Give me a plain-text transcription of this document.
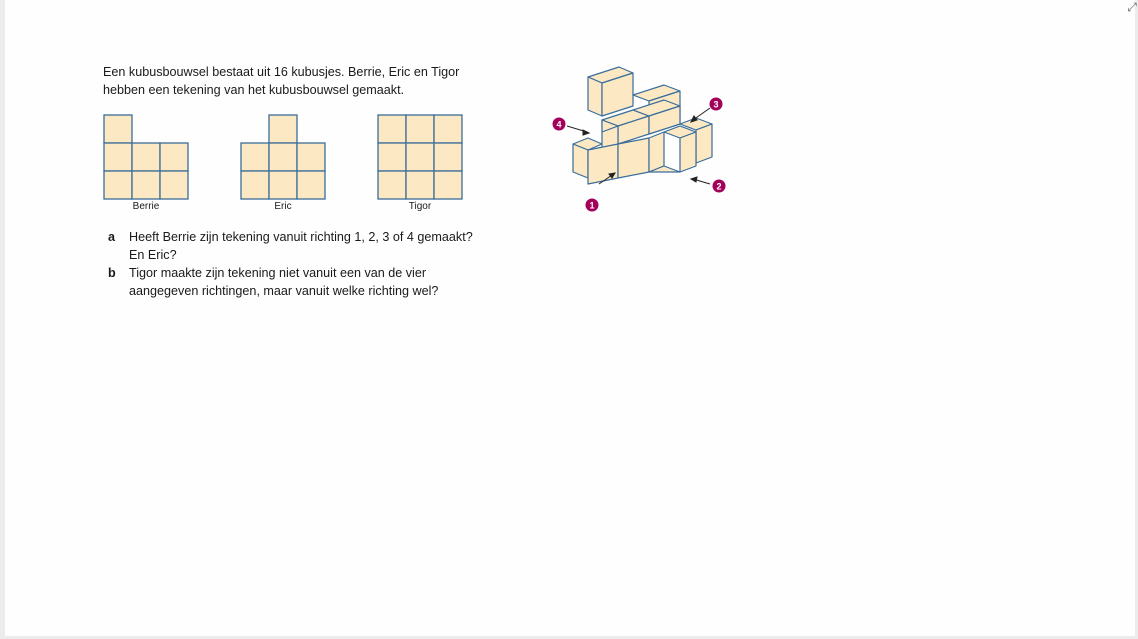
⤢
Een kubusbouwsel bestaat uit 16 kubusjes. Berrie, Eric en Tigor hebben een tekening van het kubusbouwsel gemaakt.
Berrie	Eric	Tigor
a Heeft Berrie zijn tekening vanuit richting 1, 2, 3 of 4 gemaakt? En Eric?
b Tigor maakte zijn tekening niet vanuit een van de vier aangegeven richtingen, maar vanuit welke richting wel?
1
2
3
4
